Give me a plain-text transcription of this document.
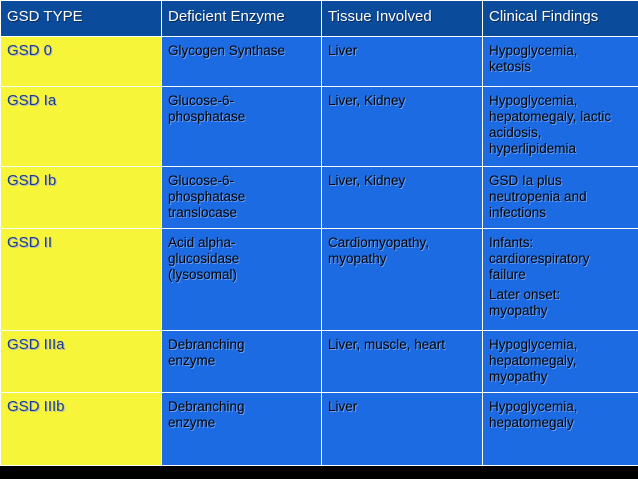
GSD TYPE	Deficient Enzyme	Tissue Involved	Clinical Findings
GSD 0	Glycogen Synthase	Liver	Hypoglycemia,
ketosis

GSD Ia	Glucose-6-
phosphatase	Liver, Kidney	Hypoglycemia,
hepatomegaly, lactic
acidosis,
hyperlipidemia

GSD Ib	Glucose-6-
phosphatase
translocase	Liver, Kidney	GSD Ia plus
neutropenia and
infections

GSD II	Acid alpha-
glucosidase
(lysosomal)	Cardiomyopathy,
myopathy	Infants:
cardiorespiratory
failure
Later onset:
myopathy

GSD IIIa	Debranching
enzyme	Liver, muscle, heart	Hypoglycemia,
hepatomegaly,
myopathy

GSD IIIb	Debranching
enzyme	Liver	Hypoglycemia,
hepatomegaly
